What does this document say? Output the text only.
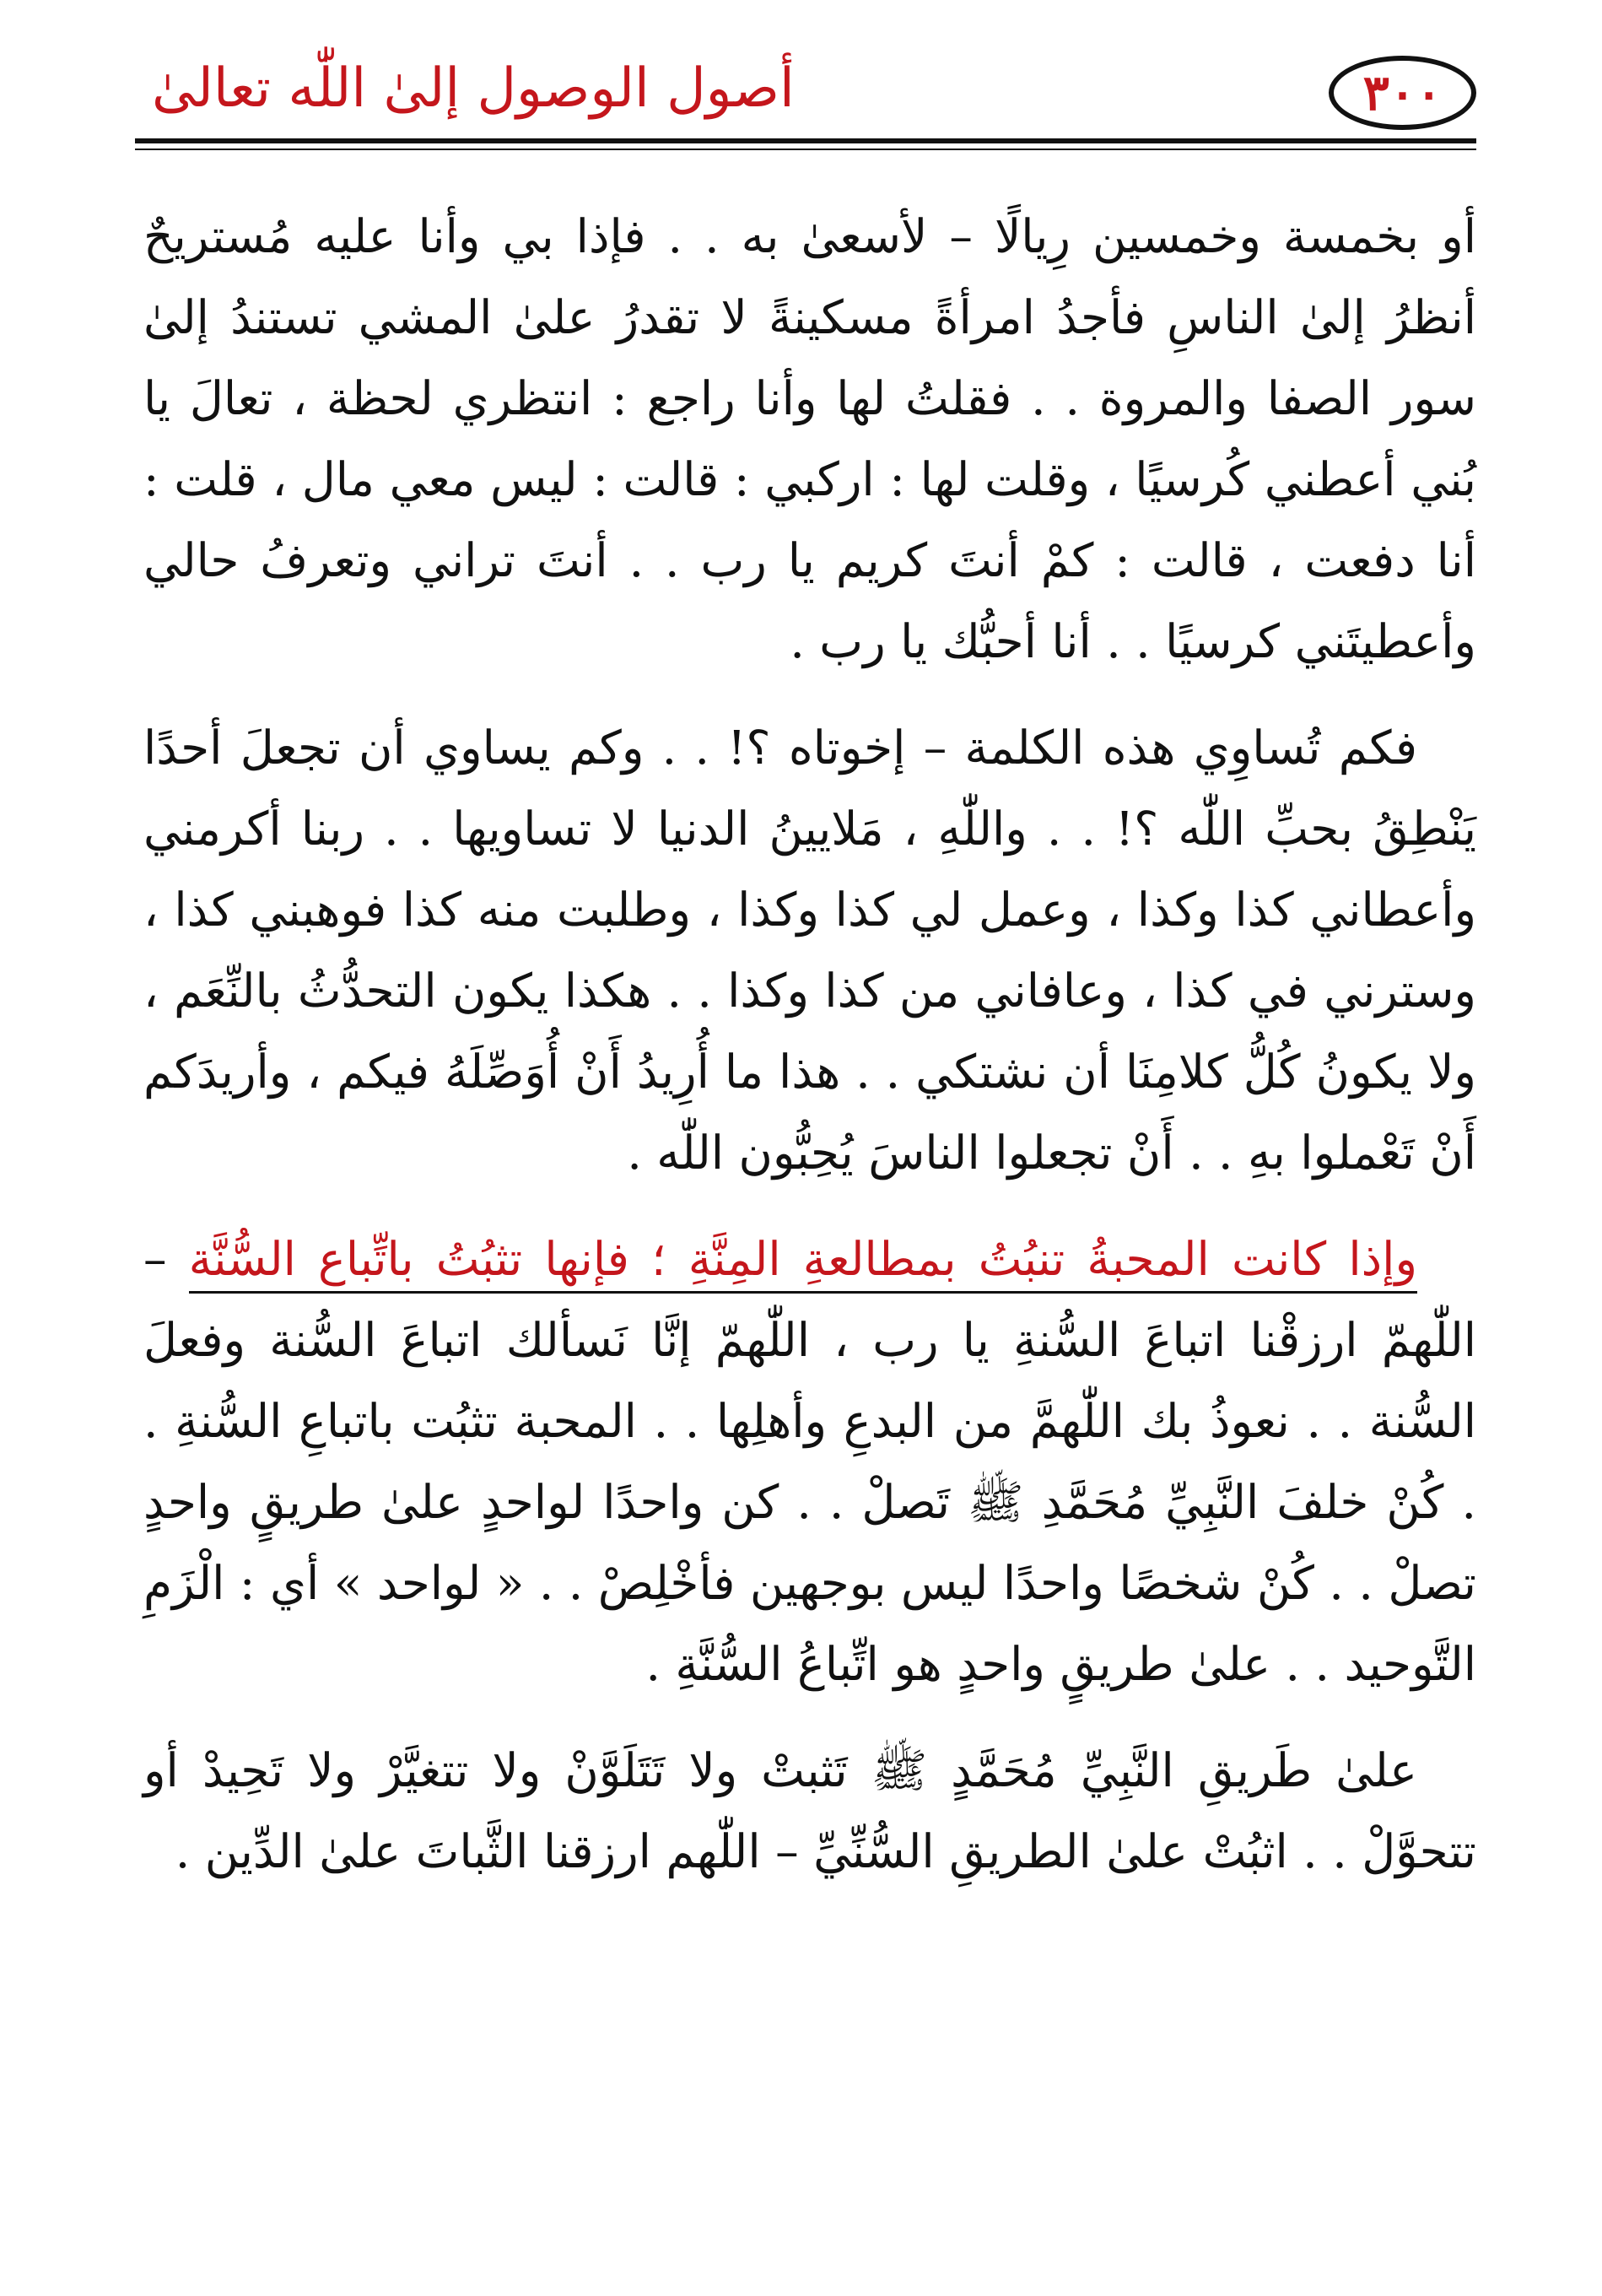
٣٠٠
أصول الوصول إلىٰ اللّٰه تعالىٰ

أو بخمسة وخمسين رِيالًا – لأسعىٰ به . . فإذا بي وأنا عليه مُستريحٌ أنظرُ إلىٰ الناسِ فأجدُ امرأةً مسكينةً لا تقدرُ علىٰ المشي تستندُ إلىٰ سور الصفا والمروة . . فقلتُ لها وأنا راجع : انتظري لحظة ، تعالَ يا بُني أعطني كُرسيًا ، وقلت لها : اركبي : قالت : ليس معي مال ، قلت : أنا دفعت ، قالت : كمْ أنتَ كريم يا رب . . أنتَ تراني وتعرفُ حالي وأعطيتَني كرسيًا . . أنا أحبُّك يا رب .

فكم تُساوِي هذه الكلمة – إخوتاه ؟! . . وكم يساوي أن تجعلَ أحدًا يَنْطِقُ بحبِّ اللّٰه ؟! . . واللّٰهِ ، مَلايينُ الدنيا لا تساويها . . ربنا أكرمني وأعطاني كذا وكذا ، وعمل لي كذا وكذا ، وطلبت منه كذا فوهبني كذا ، وسترني في كذا ، وعافاني من كذا وكذا . . هكذا يكون التحدُّثُ بالنِّعَم ، ولا يكونُ كُلُّ كلامِنَا أن نشتكي . . هذا ما أُرِيدُ أَنْ أُوَصِّلَهُ فيكم ، وأريدَكم أَنْ تَعْملوا بهِ . . أَنْ تجعلوا الناسَ يُحِبُّون اللّٰه .

وإذا كانت المحبةُ تنبُتُ بمطالعةِ المِنَّةِ ؛ فإنها تثبُتُ باتِّباع السُّنَّة – اللّٰهمّ ارزقْنا اتباعَ السُّنةِ يا رب ، اللّٰهمّ إنَّا نَسألك اتباعَ السُّنة وفعلَ السُّنة . . نعوذُ بك اللّٰهمَّ من البدعِ وأهلِها . . المحبة تثبُت باتباعِ السُّنةِ . . كُنْ خلفَ النَّبِيِّ مُحَمَّدِ ﷺ تَصلْ . . كن واحدًا لواحدٍ علىٰ طريقٍ واحدٍ تصلْ . . كُنْ شخصًا واحدًا ليس بوجهين فأخْلِصْ . . « لواحد » أي : الْزَمِ التَّوحيد . . علىٰ طريقٍ واحدٍ هو اتِّباعُ السُّنَّةِ .

علىٰ طَريقِ النَّبِيِّ مُحَمَّدٍ ﷺ تَثبتْ ولا تَتَلَوَّنْ ولا تتغيَّرْ ولا تَحِيدْ أو تتحوَّلْ . . اثبُتْ علىٰ الطريقِ السُّنِّيِّ – اللّٰهم ارزقنا الثَّباتَ علىٰ الدِّين .
